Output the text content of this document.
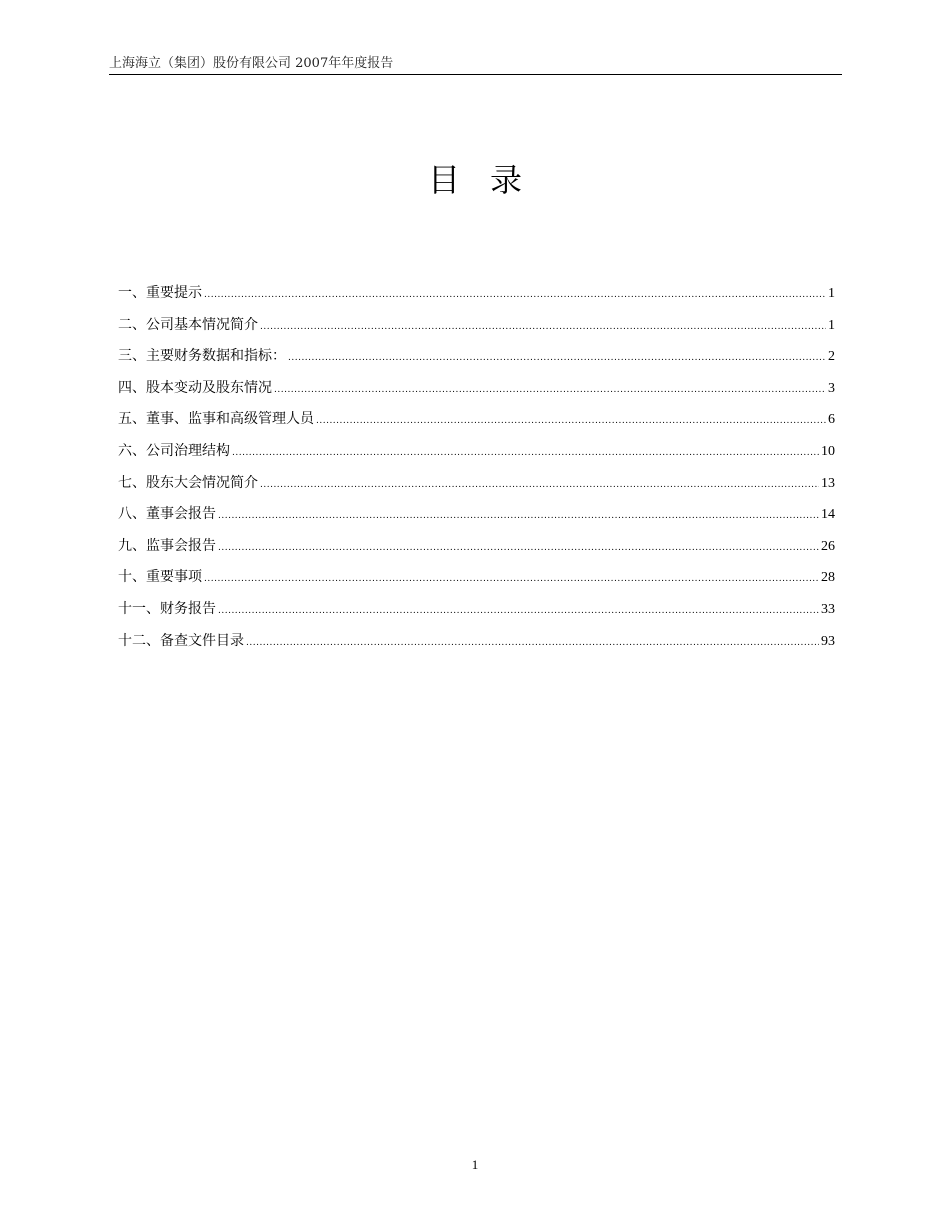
上海海立（集团）股份有限公司 2007年年度报告
目录
一、重要提示 .....	1
二、公司基本情况简介 .....	1
三、主要财务数据和指标： .....	2
四、股本变动及股东情况 .....	3
五、董事、监事和高级管理人员 .....	6
六、公司治理结构 .....	10
七、股东大会情况简介 .....	13
八、董事会报告 .....	14
九、监事会报告 .....	26
十、重要事项 .....	28
十一、财务报告 .....	33
十二、备查文件目录 .....	93
1
